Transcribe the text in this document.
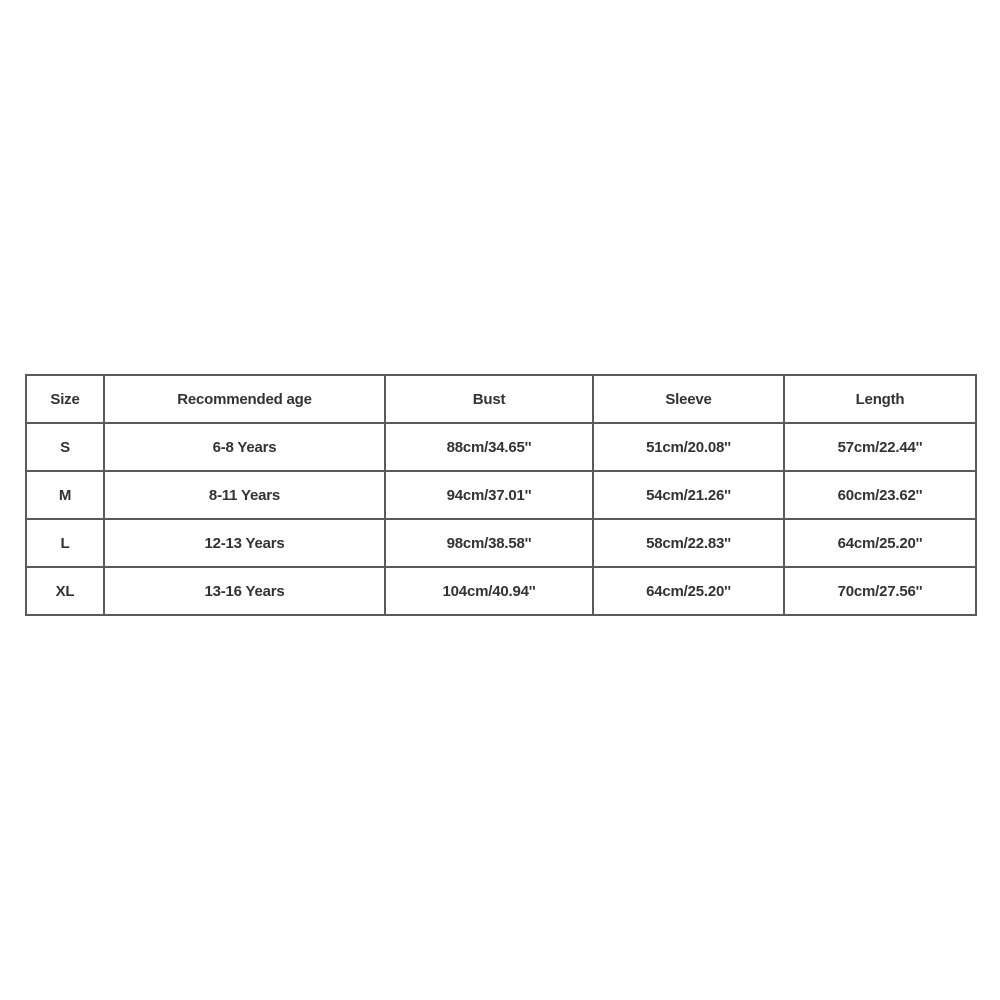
Size	Recommended age	Bust	Sleeve	Length
S	6-8 Years	88cm/34.65''	51cm/20.08''	57cm/22.44''
M	8-11 Years	94cm/37.01''	54cm/21.26''	60cm/23.62''
L	12-13 Years	98cm/38.58''	58cm/22.83''	64cm/25.20''
XL	13-16 Years	104cm/40.94''	64cm/25.20''	70cm/27.56''
